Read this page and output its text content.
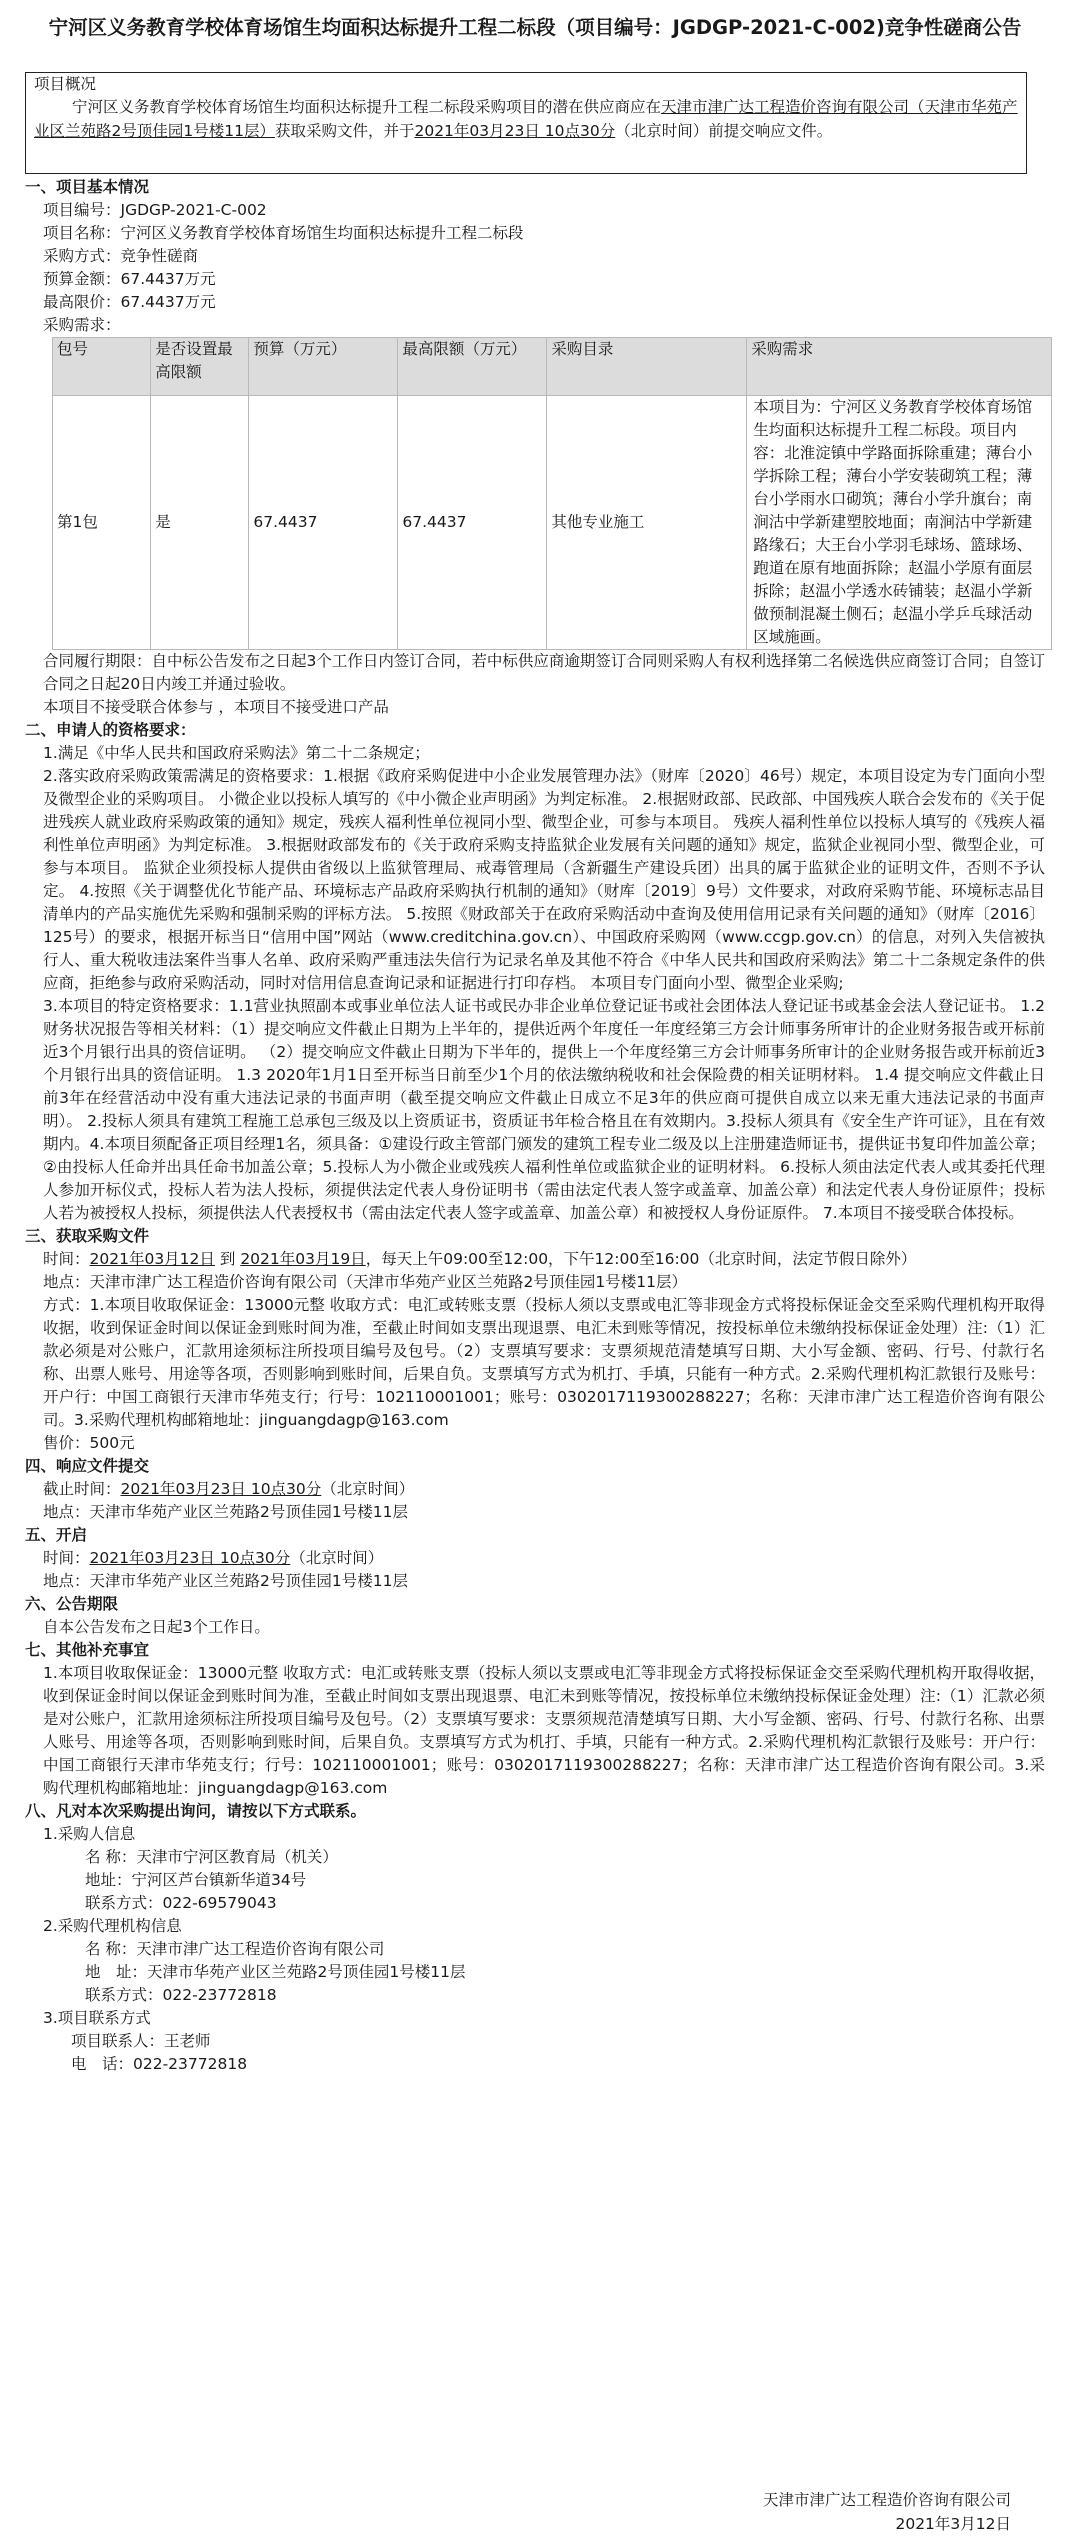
宁河区义务教育学校体育场馆生均面积达标提升工程二标段（项目编号：JGDGP-2021-C-002)竞争性磋商公告
项目概况
宁河区义务教育学校体育场馆生均面积达标提升工程二标段采购项目的潜在供应商应在天津市津广达工程造价咨询有限公司（天津市华苑产业区兰苑路2号顶佳园1号楼11层）获取采购文件，并于2021年03月23日 10点30分（北京时间）前提交响应文件。
一、项目基本情况
项目编号：JGDGP-2021-C-002
项目名称：宁河区义务教育学校体育场馆生均面积达标提升工程二标段
采购方式：竞争性磋商
预算金额：67.4437万元
最高限价：67.4437万元
采购需求：
包号	是否设置最高限额	预算（万元）	最高限额（万元）	采购目录	采购需求
第1包	是	67.4437	67.4437	其他专业施工	本项目为：宁河区义务教育学校体育场馆生均面积达标提升工程二标段。项目内容：北淮淀镇中学路面拆除重建；薄台小学拆除工程；薄台小学安装砌筑工程；薄台小学雨水口砌筑；薄台小学升旗台；南涧沽中学新建塑胶地面；南涧沽中学新建路缘石；大王台小学羽毛球场、篮球场、跑道在原有地面拆除；赵温小学原有面层拆除；赵温小学透水砖铺装；赵温小学新做预制混凝土侧石；赵温小学乒乓球活动区域施画。
合同履行期限：自中标公告发布之日起3个工作日内签订合同，若中标供应商逾期签订合同则采购人有权利选择第二名候选供应商签订合同；自签订合同之日起20日内竣工并通过验收。
本项目不接受联合体参与 ，本项目不接受进口产品
二、申请人的资格要求：
1.满足《中华人民共和国政府采购法》第二十二条规定；
2.落实政府采购政策需满足的资格要求：1.根据《政府采购促进中小企业发展管理办法》（财库〔2020〕46号）规定，本项目设定为专门面向小型及微型企业的采购项目。 小微企业以投标人填写的《中小微企业声明函》为判定标准。 2.根据财政部、民政部、中国残疾人联合会发布的《关于促进残疾人就业政府采购政策的通知》规定，残疾人福利性单位视同小型、微型企业，可参与本项目。 残疾人福利性单位以投标人填写的《残疾人福利性单位声明函》为判定标准。 3.根据财政部发布的《关于政府采购支持监狱企业发展有关问题的通知》规定，监狱企业视同小型、微型企业，可参与本项目。 监狱企业须投标人提供由省级以上监狱管理局、戒毒管理局（含新疆生产建设兵团）出具的属于监狱企业的证明文件，否则不予认定。 4.按照《关于调整优化节能产品、环境标志产品政府采购执行机制的通知》（财库〔2019〕9号）文件要求，对政府采购节能、环境标志品目清单内的产品实施优先采购和强制采购的评标方法。 5.按照《财政部关于在政府采购活动中查询及使用信用记录有关问题的通知》（财库〔2016〕125号）的要求，根据开标当日“信用中国”网站（www.creditchina.gov.cn）、中国政府采购网（www.ccgp.gov.cn）的信息，对列入失信被执行人、重大税收违法案件当事人名单、政府采购严重违法失信行为记录名单及其他不符合《中华人民共和国政府采购法》第二十二条规定条件的供应商，拒绝参与政府采购活动，同时对信用信息查询记录和证据进行打印存档。 本项目专门面向小型、微型企业采购;
3.本项目的特定资格要求：1.1营业执照副本或事业单位法人证书或民办非企业单位登记证书或社会团体法人登记证书或基金会法人登记证书。 1.2 财务状况报告等相关材料：（1）提交响应文件截止日期为上半年的，提供近两个年度任一年度经第三方会计师事务所审计的企业财务报告或开标前近3个月银行出具的资信证明。 （2）提交响应文件截止日期为下半年的，提供上一个年度经第三方会计师事务所审计的企业财务报告或开标前近3个月银行出具的资信证明。 1.3 2020年1月1日至开标当日前至少1个月的依法缴纳税收和社会保险费的相关证明材料。 1.4 提交响应文件截止日前3年在经营活动中没有重大违法记录的书面声明（截至提交响应文件截止日成立不足3年的供应商可提供自成立以来无重大违法记录的书面声明）。 2.投标人须具有建筑工程施工总承包三级及以上资质证书，资质证书年检合格且在有效期内。3.投标人须具有《安全生产许可证》，且在有效期内。4.本项目须配备正项目经理1名，须具备：①建设行政主管部门颁发的建筑工程专业二级及以上注册建造师证书，提供证书复印件加盖公章；②由投标人任命并出具任命书加盖公章；5.投标人为小微企业或残疾人福利性单位或监狱企业的证明材料。 6.投标人须由法定代表人或其委托代理人参加开标仪式，投标人若为法人投标，须提供法定代表人身份证明书（需由法定代表人签字或盖章、加盖公章）和法定代表人身份证原件；投标人若为被授权人投标，须提供法人代表授权书（需由法定代表人签字或盖章、加盖公章）和被授权人身份证原件。 7.本项目不接受联合体投标。
三、获取采购文件
时间：2021年03月12日 到 2021年03月19日，每天上午09:00至12:00，下午12:00至16:00（北京时间，法定节假日除外）
地点：天津市津广达工程造价咨询有限公司（天津市华苑产业区兰苑路2号顶佳园1号楼11层）
方式：1.本项目收取保证金：13000元整 收取方式：电汇或转账支票（投标人须以支票或电汇等非现金方式将投标保证金交至采购代理机构开取得收据，收到保证金时间以保证金到账时间为准，至截止时间如支票出现退票、电汇未到账等情况，按投标单位未缴纳投标保证金处理）注:（1）汇款必须是对公账户，汇款用途须标注所投项目编号及包号。（2）支票填写要求：支票须规范清楚填写日期、大小写金额、密码、行号、付款行名称、出票人账号、用途等各项，否则影响到账时间，后果自负。支票填写方式为机打、手填，只能有一种方式。2.采购代理机构汇款银行及账号：开户行：中国工商银行天津市华苑支行；行号：102110001001；账号：0302017119300288227；名称：天津市津广达工程造价咨询有限公司。3.采购代理机构邮箱地址：jinguangdagp@163.com
售价：500元
四、响应文件提交
截止时间：2021年03月23日 10点30分（北京时间）
地点：天津市华苑产业区兰苑路2号顶佳园1号楼11层
五、开启
时间：2021年03月23日 10点30分（北京时间）
地点：天津市华苑产业区兰苑路2号顶佳园1号楼11层
六、公告期限
自本公告发布之日起3个工作日。
七、其他补充事宜
1.本项目收取保证金：13000元整 收取方式：电汇或转账支票（投标人须以支票或电汇等非现金方式将投标保证金交至采购代理机构开取得收据，收到保证金时间以保证金到账时间为准，至截止时间如支票出现退票、电汇未到账等情况，按投标单位未缴纳投标保证金处理）注:（1）汇款必须是对公账户，汇款用途须标注所投项目编号及包号。（2）支票填写要求：支票须规范清楚填写日期、大小写金额、密码、行号、付款行名称、出票人账号、用途等各项，否则影响到账时间，后果自负。支票填写方式为机打、手填，只能有一种方式。2.采购代理机构汇款银行及账号：开户行：中国工商银行天津市华苑支行；行号：102110001001；账号：0302017119300288227；名称：天津市津广达工程造价咨询有限公司。3.采购代理机构邮箱地址：jinguangdagp@163.com
八、凡对本次采购提出询问，请按以下方式联系。
1.采购人信息
名 称：天津市宁河区教育局（机关）
地址：宁河区芦台镇新华道34号
联系方式：022-69579043
2.采购代理机构信息
名 称：天津市津广达工程造价咨询有限公司
地　址：天津市华苑产业区兰苑路2号顶佳园1号楼11层
联系方式：022-23772818
3.项目联系方式
项目联系人：王老师
电　话：022-23772818
天津市津广达工程造价咨询有限公司
2021年3月12日
